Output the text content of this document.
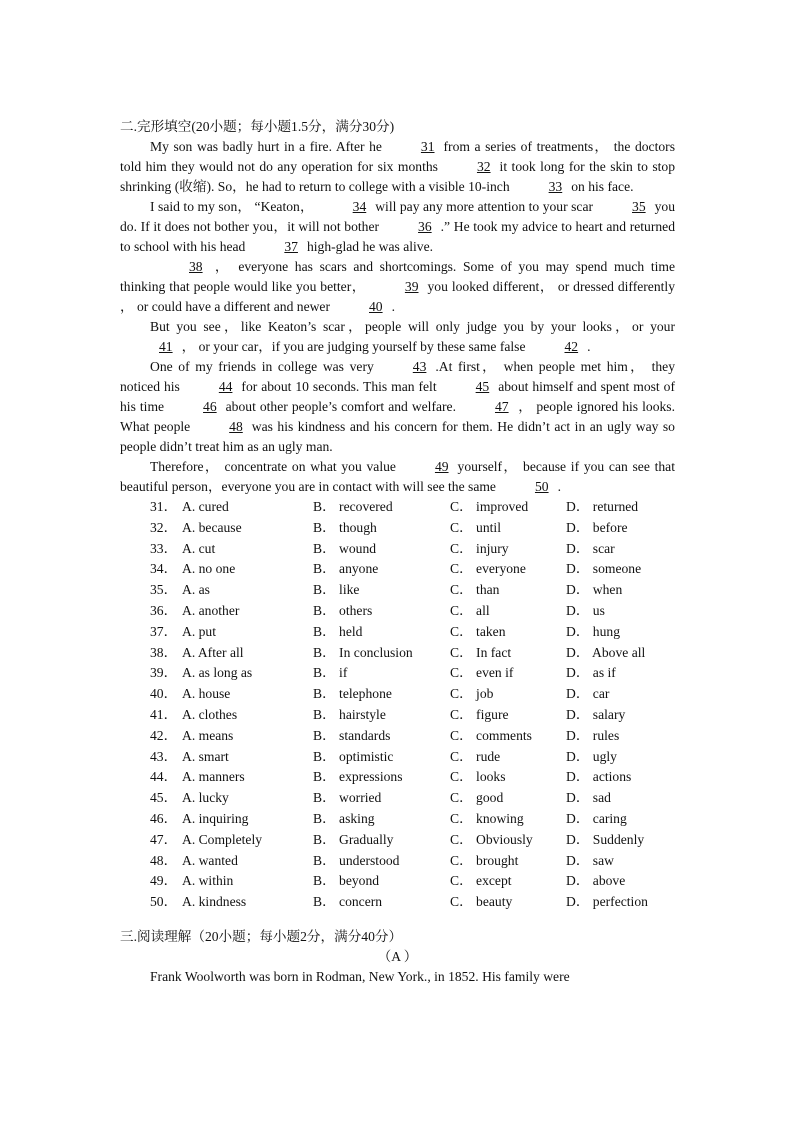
二.完形填空(20小题；每小题1.5分，满分30分)

My son was badly hurt in a fire. After he	31 from a series of treatments， the doctors told him they would not do any operation for six months	32 it took long for the skin to stop shrinking (收缩). So，he had to return to college with a visible 10-inch	33 on his face.

I said to my son， “Keaton，	34 will pay any more attention to your scar	35 you do. If it does not bother you，it will not bother	36 .” He took my advice to heart and returned to school with his head	37 high-glad he was alive.

38 ， everyone has scars and shortcomings. Some of you may spend much time thinking that people would like you better，	39 you looked different， or dressed differently ， or could have a different and newer	40 .

But you see，like Keaton’s scar，people will only judge you by your looks，or your41 ， or your car，if you are judging yourself by these same false	42 .

One of my friends in college was very	43 .At first， when people met him， they noticed his	44 for about 10 seconds. This man felt	45 about himself and spent most of his time	46 about other people’s comfort and welfare.	47 ， people ignored his looks. What people	48 was his kindness and his concern for them. He didn’t act in an ugly way so people didn’t treat him as an ugly man.

Therefore， concentrate on what you value	49 yourself， because if you can see that beautiful person，everyone you are in contact with will see the same	50 .

31． A. cured	B． recovered	C． improved	D． returned
32． A. because	B． though	C． until	D． before
33． A. cut	B． wound	C． injury	D． scar
34． A. no one	B． anyone	C． everyone	D． someone
35． A. as	B． like	C． than	D． when
36． A. another	B． others	C． all	D． us
37． A. put	B． held	C． taken	D． hung
38． A. After all	B． In conclusion	C． In fact	D． Above all
39． A. as long as	B． if	C． even if	D． as if
40． A. house	B． telephone	C． job	D． car
41． A. clothes	B． hairstyle	C． figure	D． salary
42． A. means	B． standards	C． comments	D． rules
43． A. smart	B． optimistic	C． rude	D． ugly
44． A. manners	B． expressions	C． looks	D． actions
45． A. lucky	B． worried	C． good	D． sad
46． A. inquiring	B． asking	C． knowing	D． caring
47． A. Completely	B． Gradually	C． Obviously D． Suddenly
48． A. wanted	B． understood	C． brought	D． saw
49． A. within	B． beyond	C． except	D． above
50． A. kindness	B． concern	C． beauty	D． perfection

三.阅读理解（20小题；每小题2分，满分40分）

（A ）

Frank Woolworth was born in Rodman, New York., in 1852. His family were
